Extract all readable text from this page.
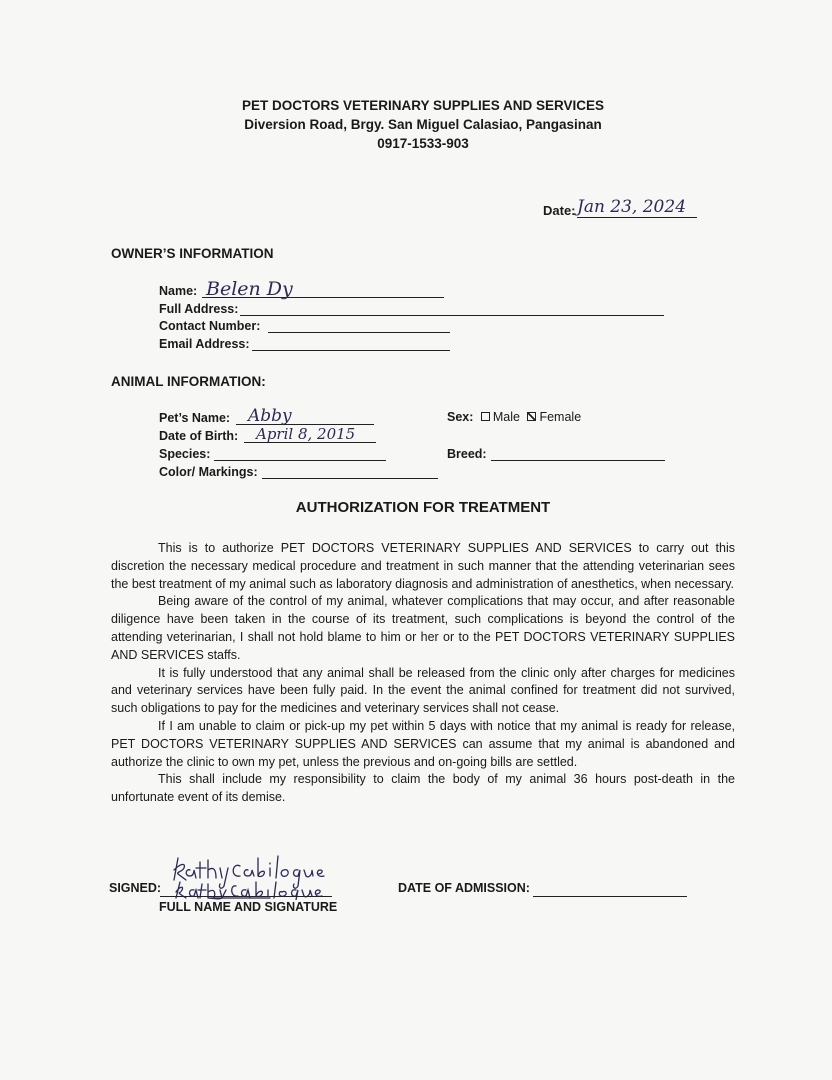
PET DOCTORS VETERINARY SUPPLIES AND SERVICES
Diversion Road, Brgy. San Miguel Calasiao, Pangasinan
0917-1533-903
Date: Jan 23, 2024
OWNER’S INFORMATION
Name: Belen Dy
Full Address:
Contact Number:
Email Address:
ANIMAL INFORMATION:
Pet’s Name: Abby
Date of Birth: April 8, 2015
Species:
Color/ Markings:
Sex: Male Female
Breed:
AUTHORIZATION FOR TREATMENT

This is to authorize PET DOCTORS VETERINARY SUPPLIES AND SERVICES to carry out this discretion the necessary medical procedure and treatment in such manner that the attending veterinarian sees the best treatment of my animal such as laboratory diagnosis and administration of anesthetics, when necessary.

Being aware of the control of my animal, whatever complications that may occur, and after reasonable diligence have been taken in the course of its treatment, such complications is beyond the control of the attending veterinarian, I shall not hold blame to him or her or to the PET DOCTORS VETERINARY SUPPLIES AND SERVICES staffs.

It is fully understood that any animal shall be released from the clinic only after charges for medicines and veterinary services have been fully paid. In the event the animal confined for treatment did not survived, such obligations to pay for the medicines and veterinary services shall not cease.

If I am unable to claim or pick-up my pet within 5 days with notice that my animal is ready for release, PET DOCTORS VETERINARY SUPPLIES AND SERVICES can assume that my animal is abandoned and authorize the clinic to own my pet, unless the previous and on-going bills are settled.

This shall include my responsibility to claim the body of my animal 36 hours post-death in the unfortunate event of its demise.

SIGNED:
FULL NAME AND SIGNATURE
DATE OF ADMISSION:
